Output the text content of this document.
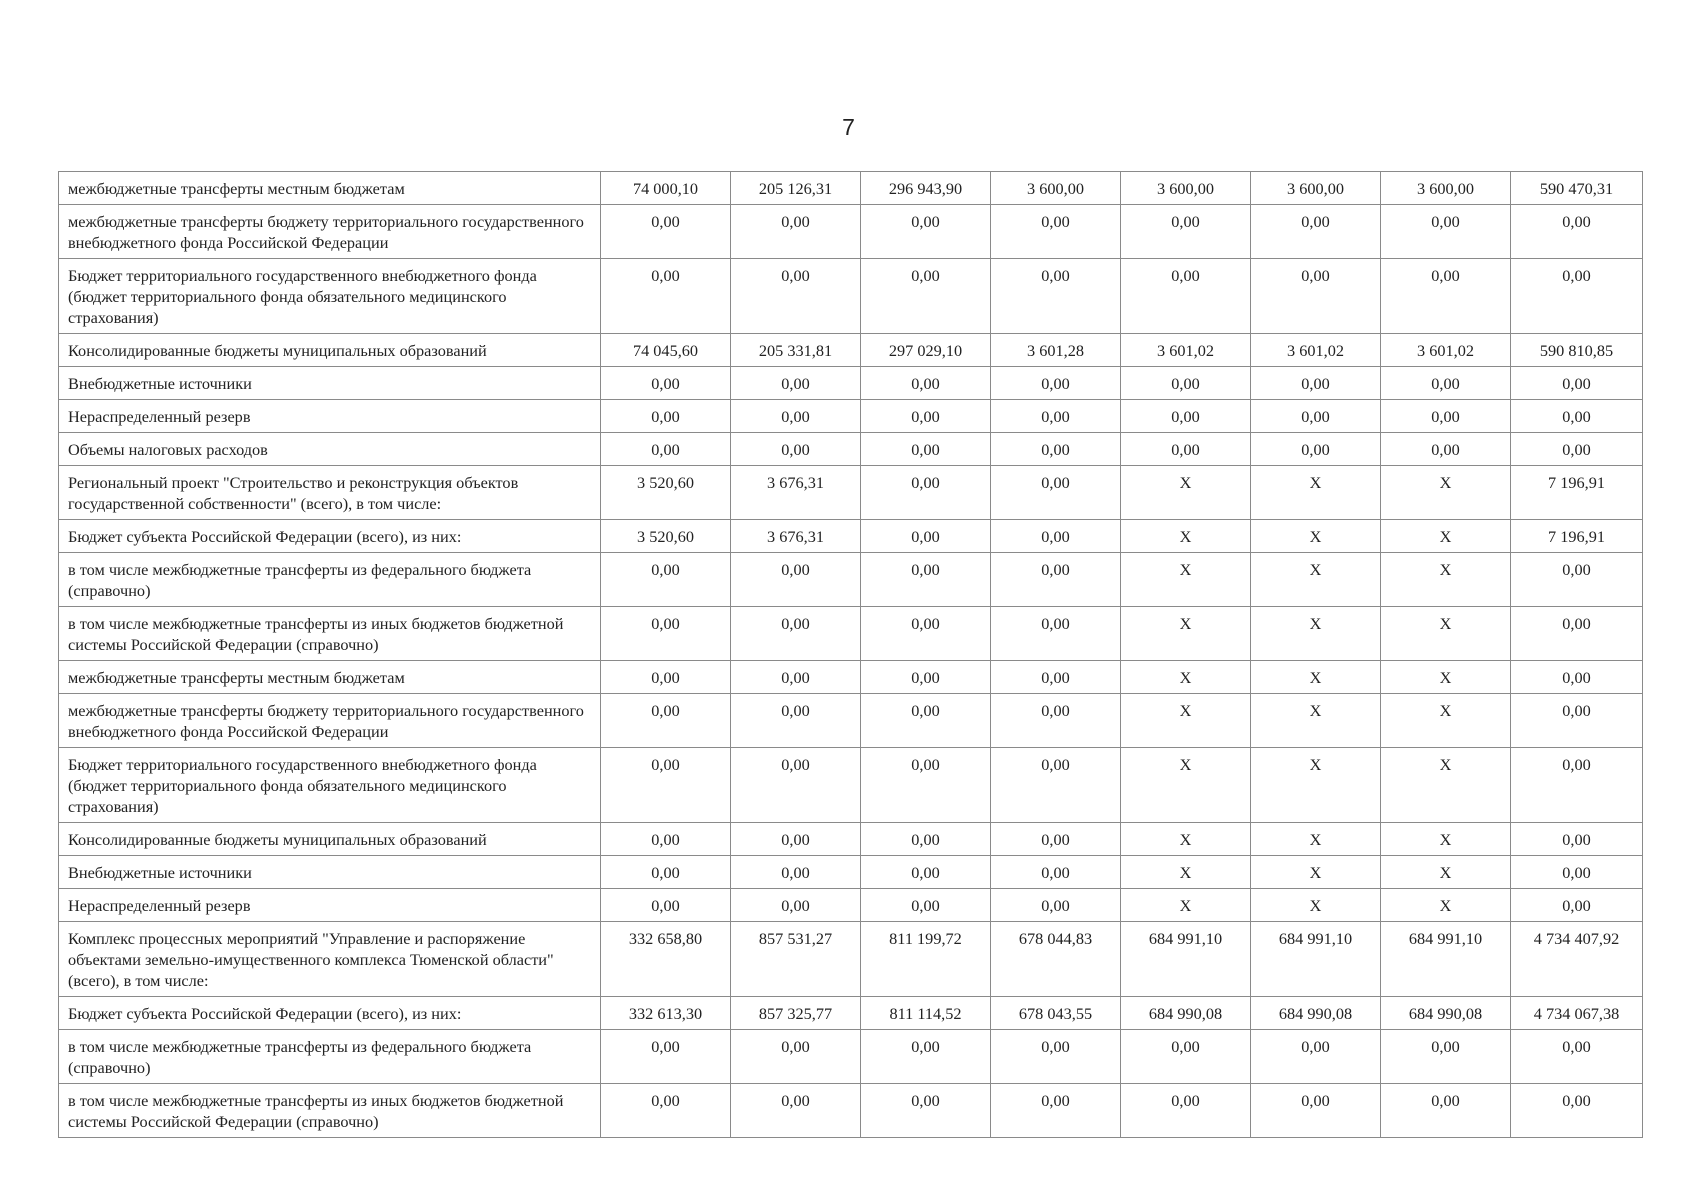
7
межбюджетные трансферты местным бюджетам	74 000,10	205 126,31	296 943,90	3 600,00	3 600,00	3 600,00	3 600,00	590 470,31
межбюджетные трансферты бюджету территориального государственного внебюджетного фонда Российской Федерации	0,00	0,00	0,00	0,00	0,00	0,00	0,00	0,00
Бюджет территориального государственного внебюджетного фонда (бюджет территориального фонда обязательного медицинского страхования)	0,00	0,00	0,00	0,00	0,00	0,00	0,00	0,00
Консолидированные бюджеты муниципальных образований	74 045,60	205 331,81	297 029,10	3 601,28	3 601,02	3 601,02	3 601,02	590 810,85
Внебюджетные источники	0,00	0,00	0,00	0,00	0,00	0,00	0,00	0,00
Нераспределенный резерв	0,00	0,00	0,00	0,00	0,00	0,00	0,00	0,00
Объемы налоговых расходов	0,00	0,00	0,00	0,00	0,00	0,00	0,00	0,00
Региональный проект "Строительство и реконструкция объектов государственной собственности" (всего), в том числе:	3 520,60	3 676,31	0,00	0,00	X	X	X	7 196,91
Бюджет субъекта Российской Федерации (всего), из них:	3 520,60	3 676,31	0,00	0,00	X	X	X	7 196,91
в том числе межбюджетные трансферты из федерального бюджета (справочно)	0,00	0,00	0,00	0,00	X	X	X	0,00
в том числе межбюджетные трансферты из иных бюджетов бюджетной системы Российской Федерации (справочно)	0,00	0,00	0,00	0,00	X	X	X	0,00
межбюджетные трансферты местным бюджетам	0,00	0,00	0,00	0,00	X	X	X	0,00
межбюджетные трансферты бюджету территориального государственного внебюджетного фонда Российской Федерации	0,00	0,00	0,00	0,00	X	X	X	0,00
Бюджет территориального государственного внебюджетного фонда (бюджет территориального фонда обязательного медицинского страхования)	0,00	0,00	0,00	0,00	X	X	X	0,00
Консолидированные бюджеты муниципальных образований	0,00	0,00	0,00	0,00	X	X	X	0,00
Внебюджетные источники	0,00	0,00	0,00	0,00	X	X	X	0,00
Нераспределенный резерв	0,00	0,00	0,00	0,00	X	X	X	0,00
Комплекс процессных мероприятий "Управление и распоряжение объектами земельно-имущественного комплекса Тюменской области" (всего), в том числе:	332 658,80	857 531,27	811 199,72	678 044,83	684 991,10	684 991,10	684 991,10	4 734 407,92
Бюджет субъекта Российской Федерации (всего), из них:	332 613,30	857 325,77	811 114,52	678 043,55	684 990,08	684 990,08	684 990,08	4 734 067,38
в том числе межбюджетные трансферты из федерального бюджета (справочно)	0,00	0,00	0,00	0,00	0,00	0,00	0,00	0,00
в том числе межбюджетные трансферты из иных бюджетов бюджетной системы Российской Федерации (справочно)	0,00	0,00	0,00	0,00	0,00	0,00	0,00	0,00
